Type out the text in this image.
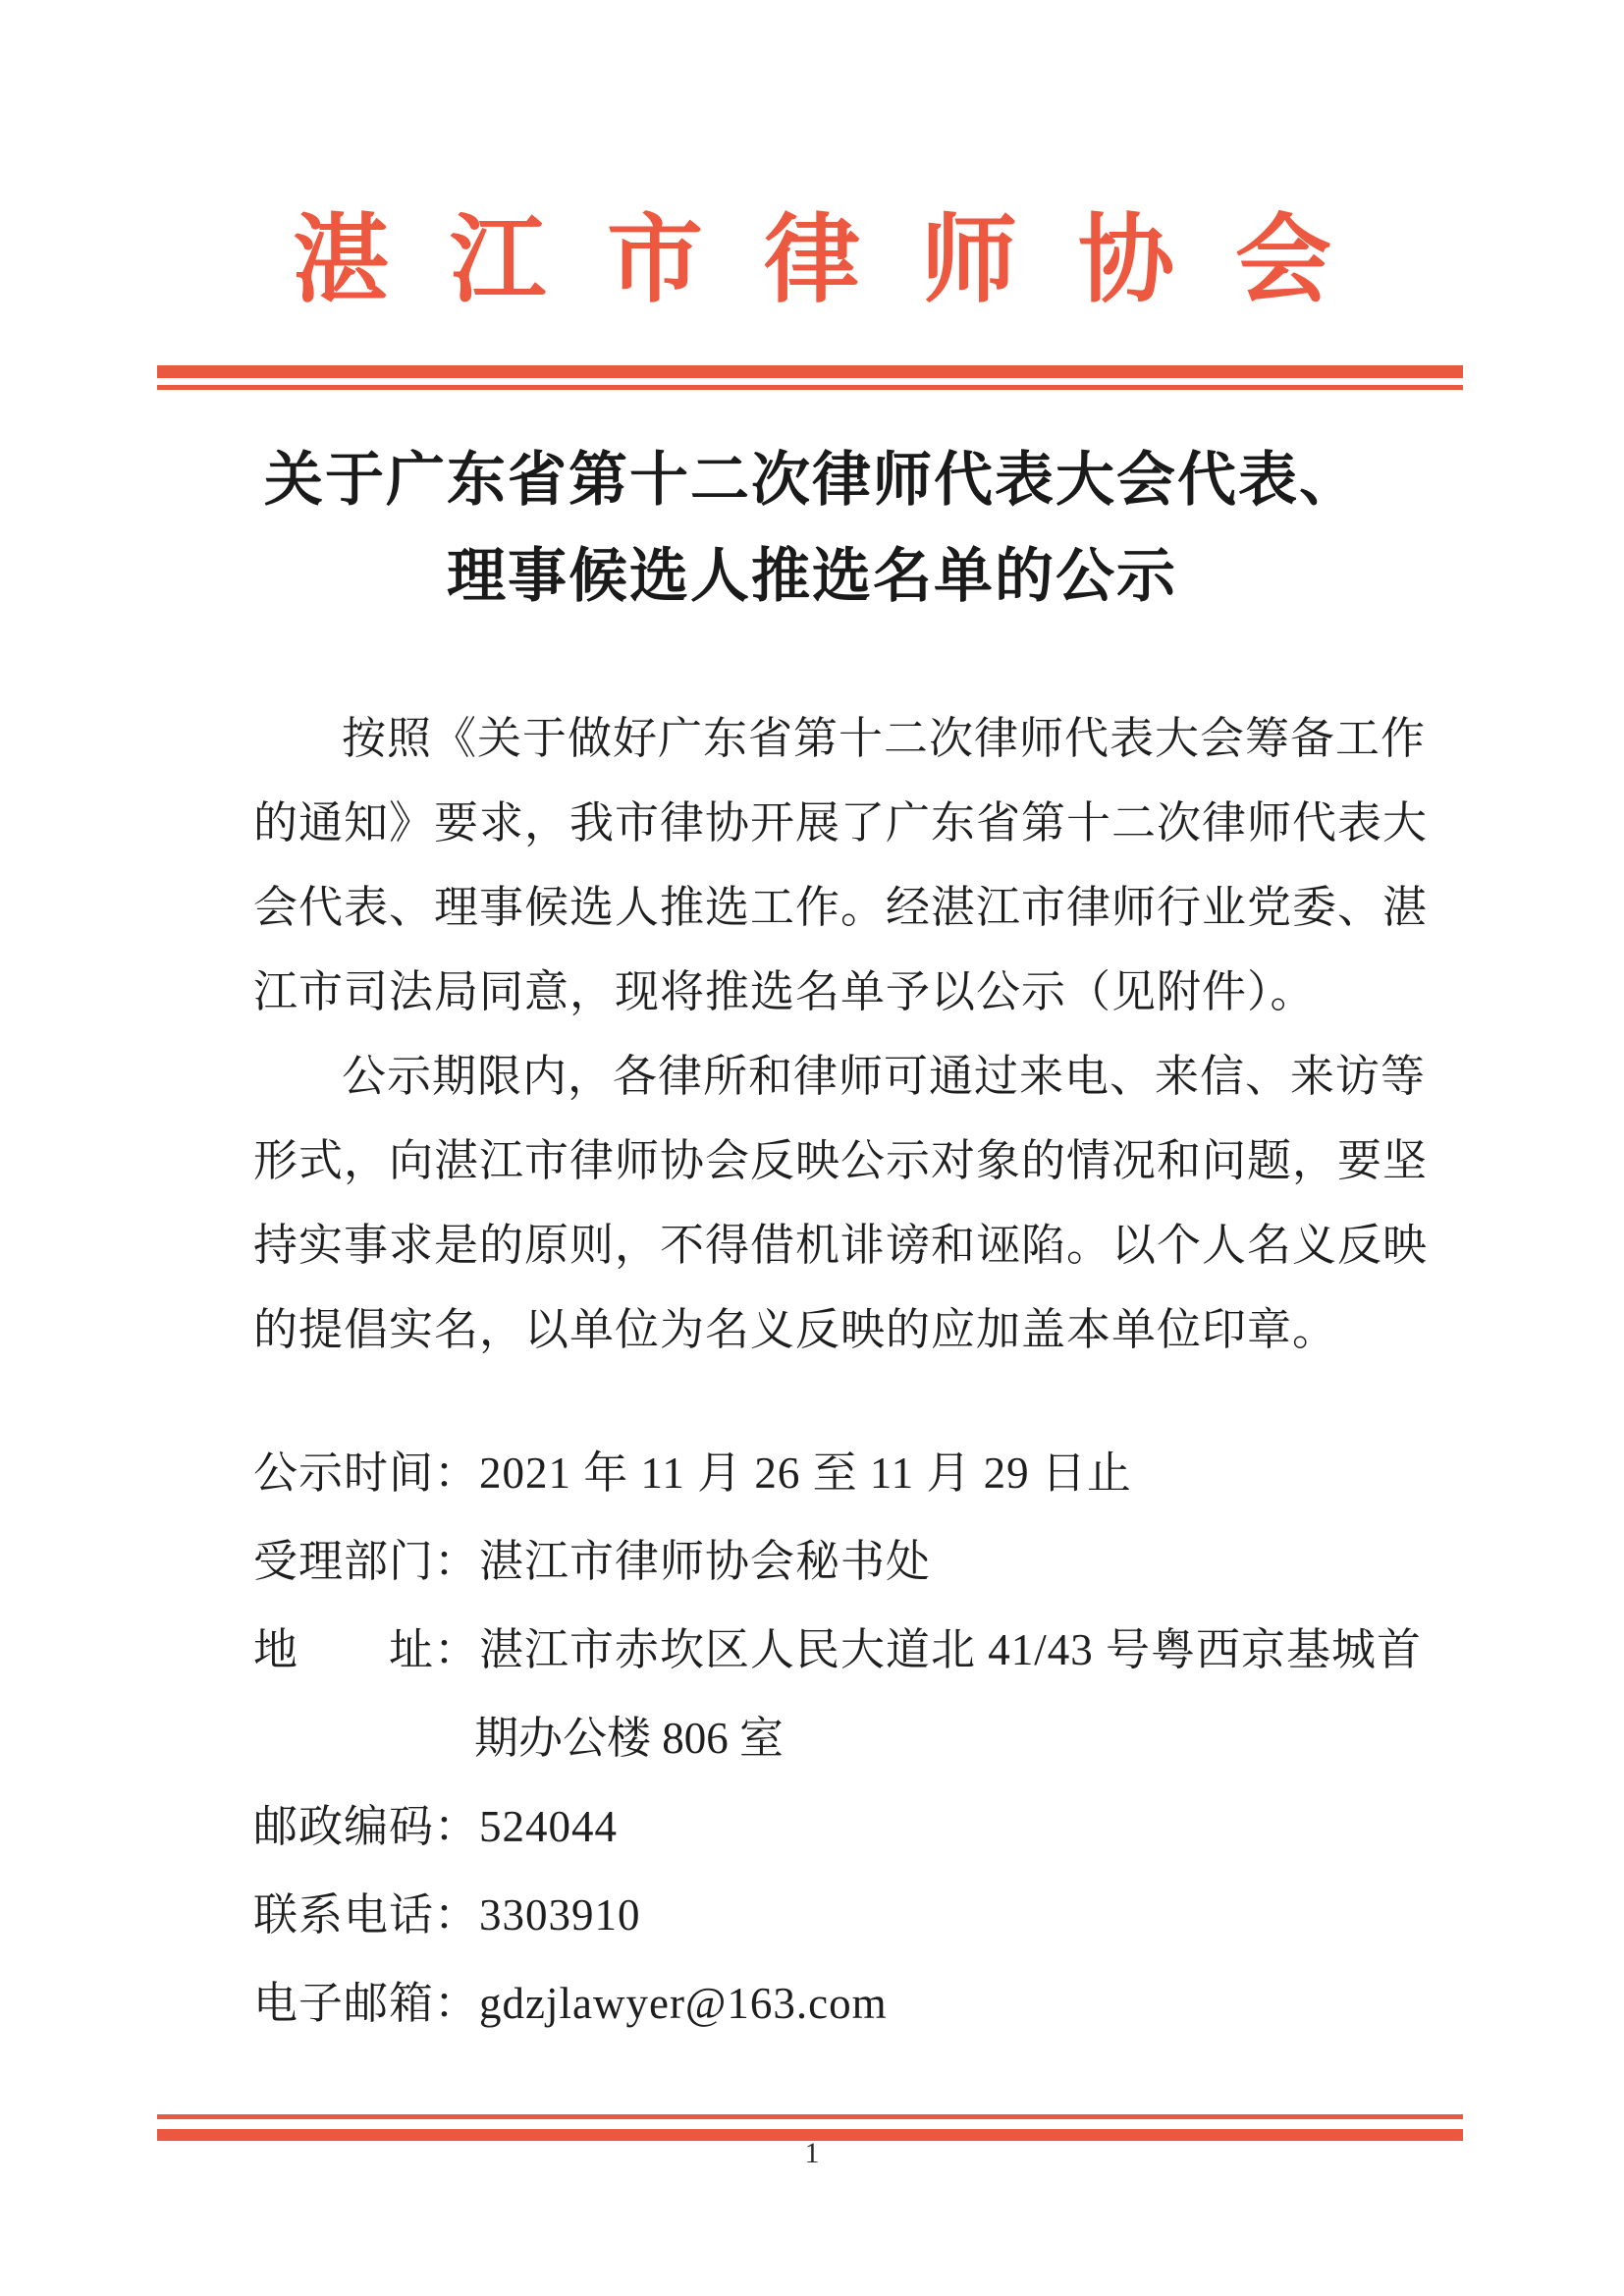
湛江市律师协会
关于广东省第十二次律师代表大会代表、
理事候选人推选名单的公示
按照《关于做好广东省第十二次律师代表大会筹备工作
的通知》要求，我市律协开展了广东省第十二次律师代表大
会代表、理事候选人推选工作。经湛江市律师行业党委、湛
江市司法局同意，现将推选名单予以公示（见附件）。
公示期限内，各律所和律师可通过来电、来信、来访等
形式，向湛江市律师协会反映公示对象的情况和问题，要坚
持实事求是的原则，不得借机诽谤和诬陷。以个人名义反映
的提倡实名，以单位为名义反映的应加盖本单位印章。
公示时间：2021 年 11 月 26 至 11 月 29 日止
受理部门：湛江市律师协会秘书处
地　　址：湛江市赤坎区人民大道北 41/43 号粤西京基城首
期办公楼 806 室
邮政编码：524044
联系电话：3303910
电子邮箱：gdzjlawyer@163.com
1
